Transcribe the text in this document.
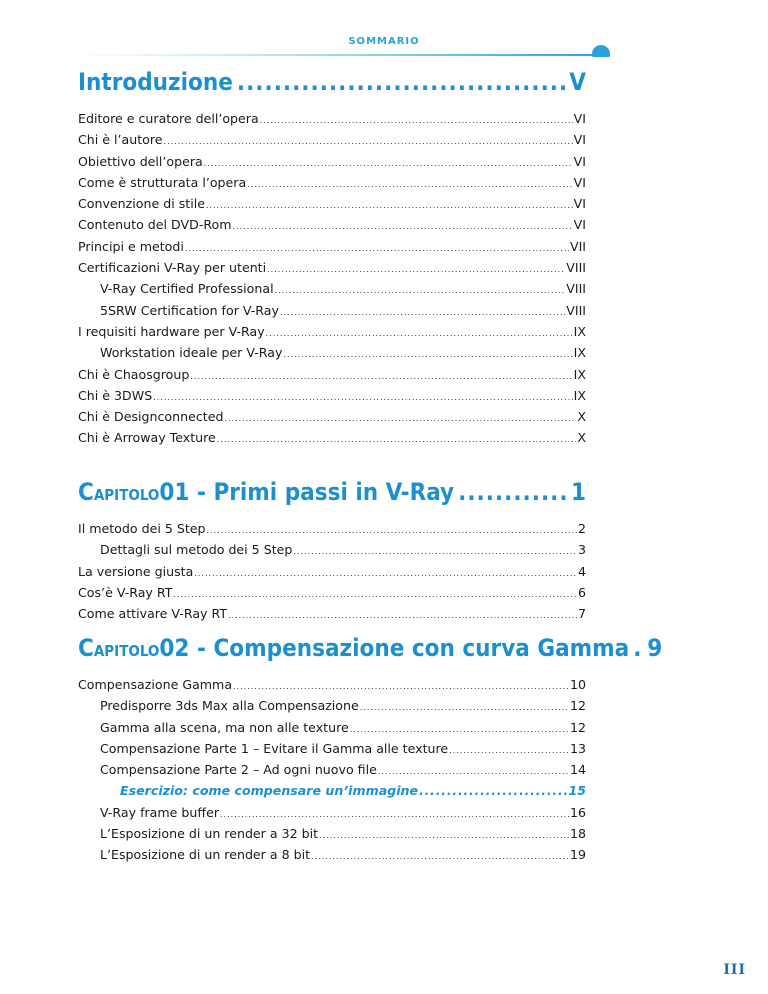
SOMMARIO
Introduzione .....	V
Editore e curatore dell’opera .....	VI
Chi è l’autore .....	VI
Obiettivo dell’opera .....	VI
Come è strutturata l’opera .....	VI
Convenzione di stile .....	VI
Contenuto del DVD-Rom .....	VI
Principi e metodi .....	VII
Certificazioni V-Ray per utenti .....	VIII
V-Ray Certified Professional .....	VIII
5SRW Certification for V-Ray .....	VIII
I requisiti hardware per V-Ray .....	IX
Workstation ideale per V-Ray .....	IX
Chi è Chaosgroup .....	IX
Chi è 3DWS .....	IX
Chi è Designconnected .....	X
Chi è Arroway Texture .....	X
CAPITOLO 01 - Primi passi in V-Ray .....	1
Il metodo dei 5 Step .....	2
Dettagli sul metodo dei 5 Step .....	3
La versione giusta .....	4
Cos’è V-Ray RT .....	6
Come attivare V-Ray RT .....	7
CAPITOLO 02 - Compensazione con curva Gamma ..... 9
Compensazione Gamma .....	10
Predisporre 3ds Max alla Compensazione .....	12
Gamma alla scena, ma non alle texture .....	12
Compensazione Parte 1 – Evitare il Gamma alle texture .....	13
Compensazione Parte 2 – Ad ogni nuovo file .....	14
Esercizio: come compensare un’immagine .....	15
V-Ray frame buffer .....	16
L’Esposizione di un render a 32 bit .....	18
L’Esposizione di un render a 8 bit .....	19
III
